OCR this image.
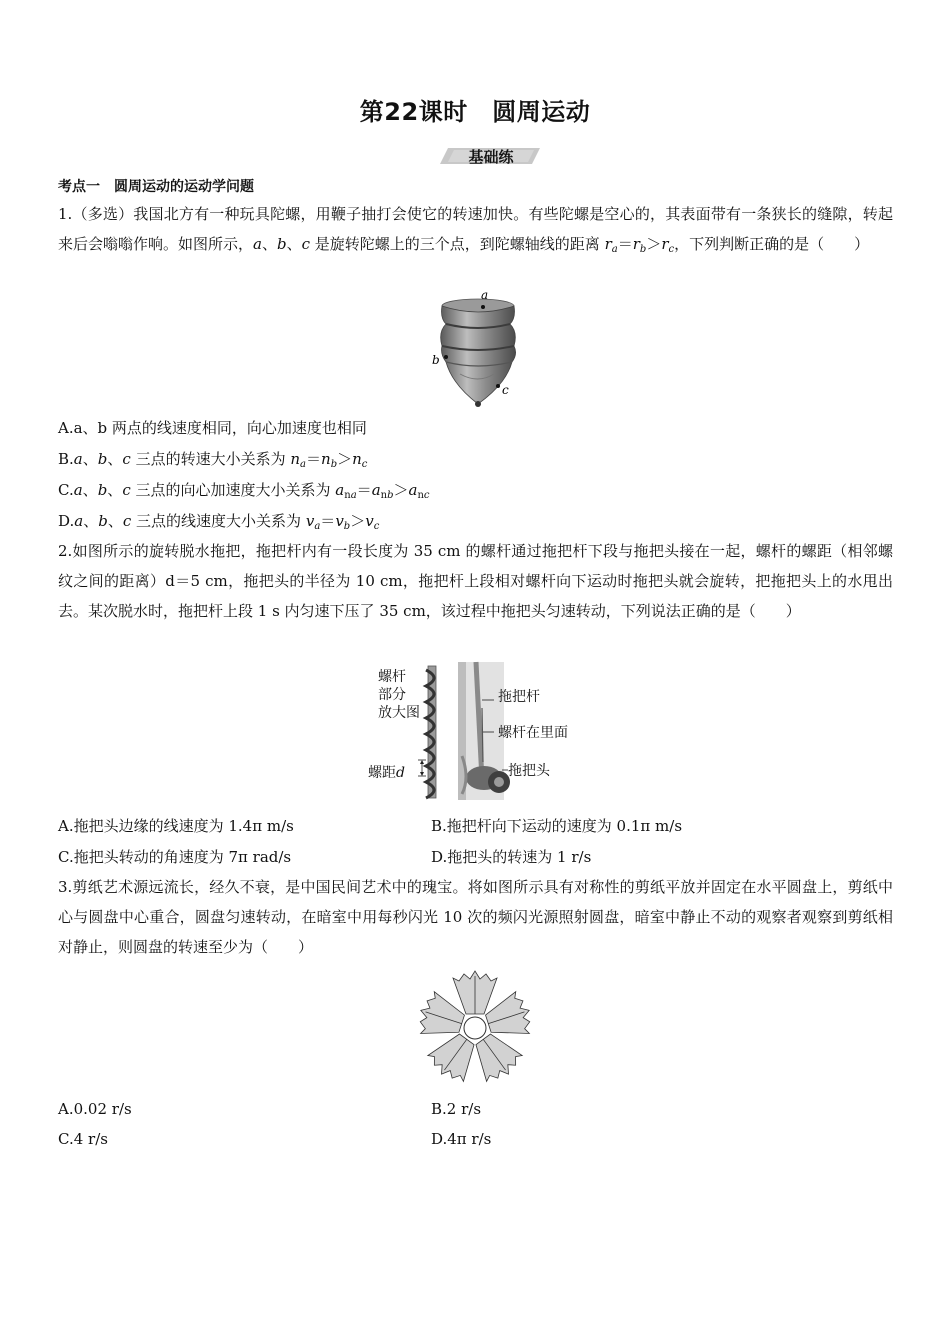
第22课时　圆周运动
基础练
考点一　圆周运动的运动学问题
1.（多选）我国北方有一种玩具陀螺，用鞭子抽打会使它的转速加快。有些陀螺是空心的，其表面带有一条狭长的缝隙，转起来后会嗡嗡作响。如图所示，a、b、c 是旋转陀螺上的三个点，到陀螺轴线的距离 $r_a=r_b>r_c$，下列判断正确的是（　　）
a
b
c
A.a、b 两点的线速度相同，向心加速度也相同
B.a、b、c 三点的转速大小关系为 $n_a=n_b>n_c$
C.a、b、c 三点的向心加速度大小关系为 $a_{na}=a_{nb}>a_{nc}$
D.a、b、c 三点的线速度大小关系为 $v_a=v_b>v_c$
2.如图所示的旋转脱水拖把，拖把杆内有一段长度为 35 cm 的螺杆通过拖把杆下段与拖把头接在一起，螺杆的螺距（相邻螺纹之间的距离）d＝5 cm，拖把头的半径为 10 cm，拖把杆上段相对螺杆向下运动时拖把头就会旋转，把拖把头上的水甩出去。某次脱水时，拖把杆上段 1 s 内匀速下压了 35 cm，该过程中拖把头匀速转动，下列说法正确的是（　　）
螺杆
部分
放大图
螺距d
拖把杆
螺杆在里面
拖把头
A.拖把头边缘的线速度为 1.4π m/s	B.拖把杆向下运动的速度为 0.1π m/s
C.拖把头转动的角速度为 7π rad/s	D.拖把头的转速为 1 r/s
3.剪纸艺术源远流长，经久不衰，是中国民间艺术中的瑰宝。将如图所示具有对称性的剪纸平放并固定在水平圆盘上，剪纸中心与圆盘中心重合，圆盘匀速转动，在暗室中用每秒闪光 10 次的频闪光源照射圆盘，暗室中静止不动的观察者观察到剪纸相对静止，则圆盘的转速至少为（　　）
A.0.02 r/s	B.2 r/s
C.4 r/s	D.4π r/s
